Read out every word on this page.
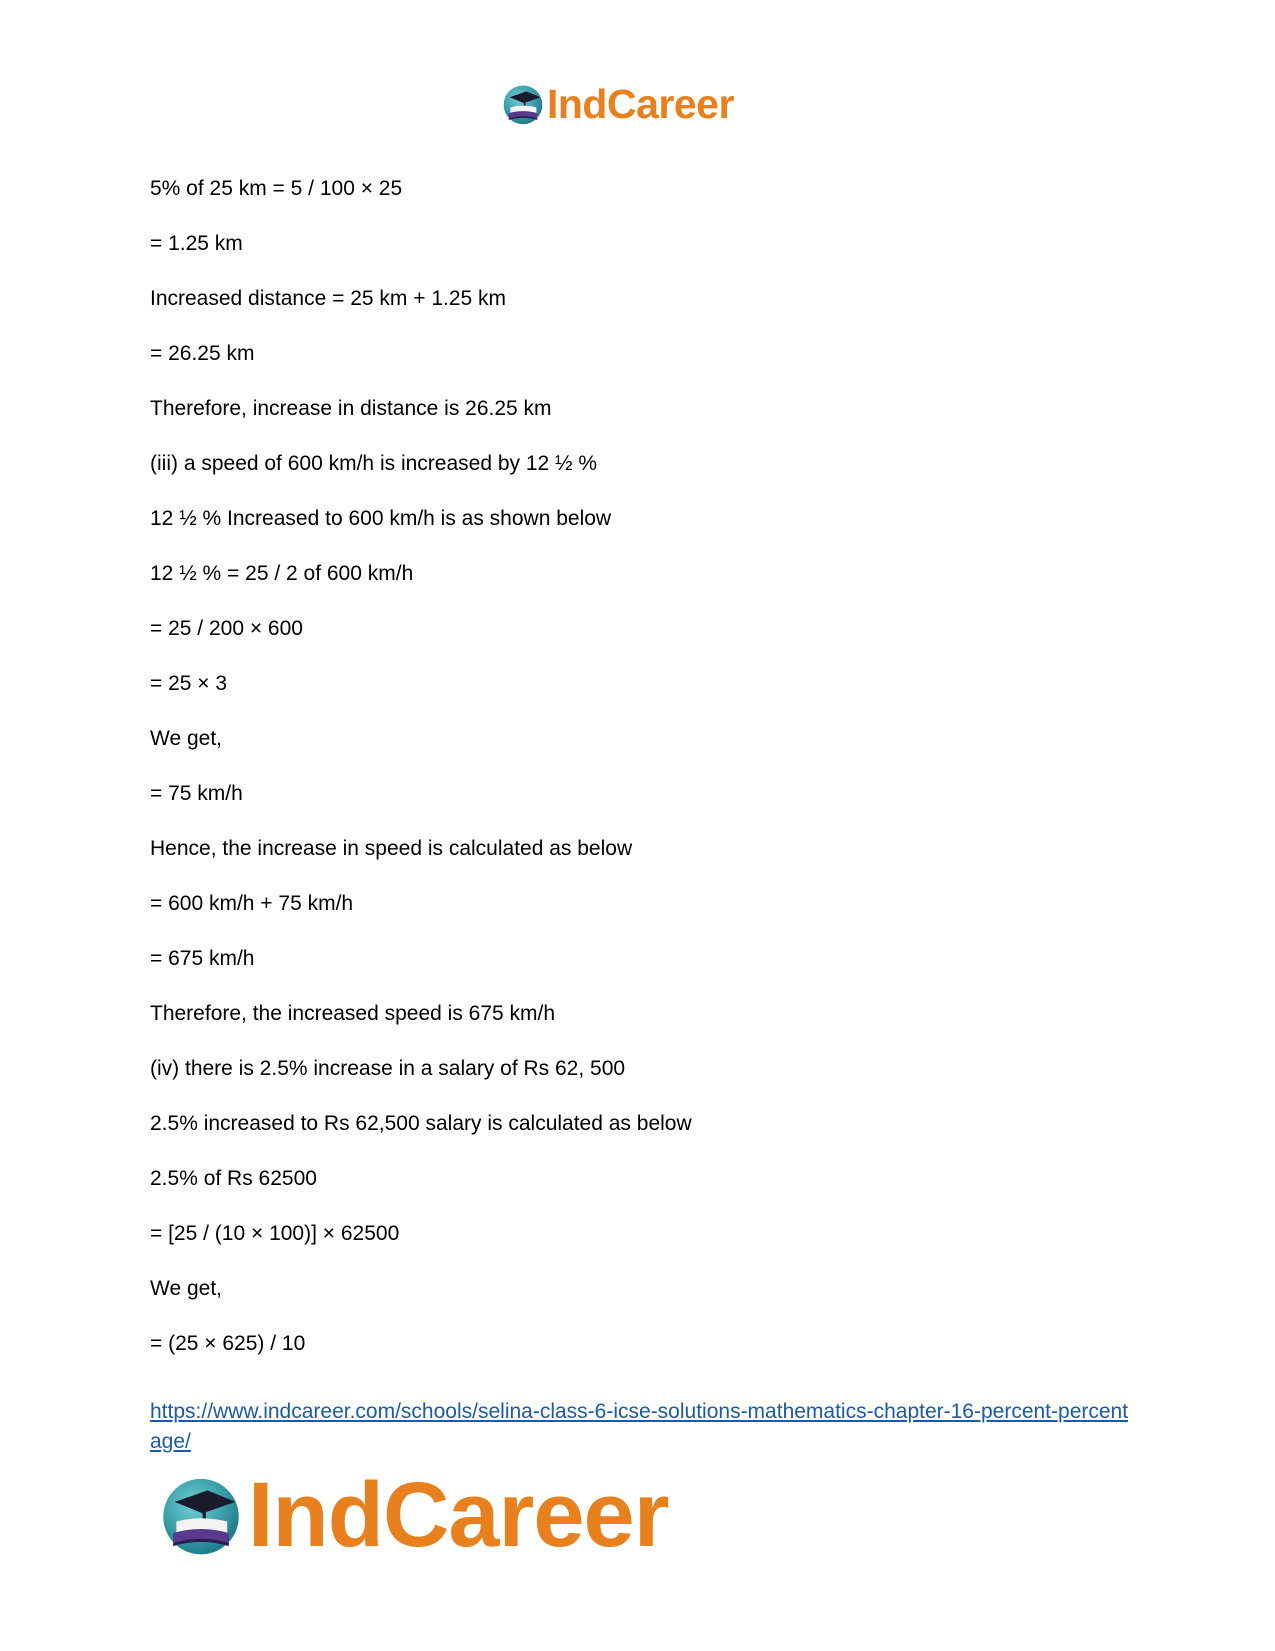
IndCareer
5% of 25 km = 5 / 100 × 25
= 1.25 km
Increased distance = 25 km + 1.25 km
= 26.25 km
Therefore, increase in distance is 26.25 km
(iii) a speed of 600 km/h is increased by 12 ½ %
12 ½ % Increased to 600 km/h is as shown below
12 ½ % = 25 / 2 of 600 km/h
= 25 / 200 × 600
= 25 × 3
We get,
= 75 km/h
Hence, the increase in speed is calculated as below
= 600 km/h + 75 km/h
= 675 km/h
Therefore, the increased speed is 675 km/h
(iv) there is 2.5% increase in a salary of Rs 62, 500
2.5% increased to Rs 62,500 salary is calculated as below
2.5% of Rs 62500
= [25 / (10 × 100)] × 62500
We get,
= (25 × 625) / 10
https://www.indcareer.com/schools/selina-class-6-icse-solutions-mathematics-chapter-16-percent-percentage/
IndCareer
